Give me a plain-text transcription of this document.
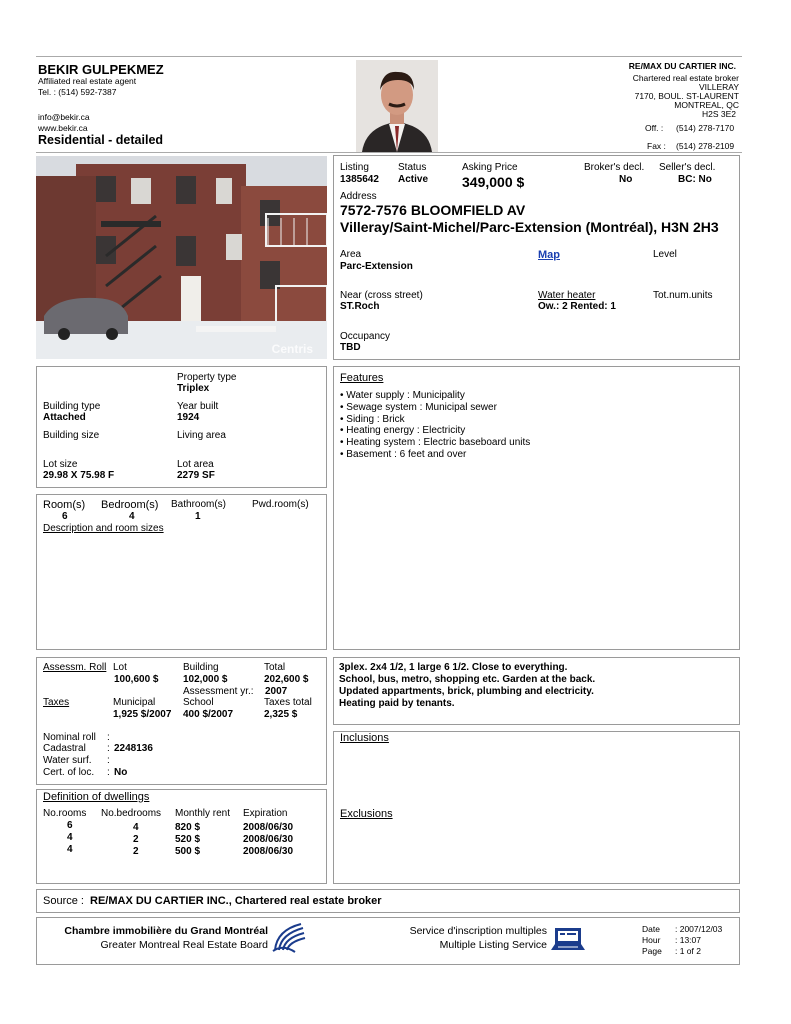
BEKIR GULPEKMEZ
Affiliated real estate agent
Tel. : (514) 592-7387
info@bekir.ca
www.bekir.ca
Residential - detailed
RE/MAX DU CARTIER INC.
Chartered real estate broker
VILLERAY
7170, BOUL. ST-LAURENT
MONTREAL, QC
H2S 3E2
Off. : (514) 278-7170
Fax : (514) 278-2109
Centris
Listing
1385642
Status
Active
Asking Price
349,000 $
Broker's decl.
No
Seller's decl.
BC: No
Address
7572-7576 BLOOMFIELD AV
Villeray/Saint-Michel/Parc-Extension (Montréal), H3N 2H3
Area
Parc-Extension
Map	Level
Near (cross street)
ST.Roch
Water heater
Ow.: 2 Rented: 1
Tot.num.units
Occupancy
TBD
Property type
Triplex
Building type
Attached
Year built
1924
Building size	Living area
Lot size
29.98 X 75.98 F
Lot area
2279 SF
Features
• Water supply : Municipality
• Sewage system : Municipal sewer
• Siding : Brick
• Heating energy : Electricity
• Heating system : Electric baseboard units
• Basement : 6 feet and over
Room(s)
6
Bedroom(s)
4
Bathroom(s)
1
Pwd.room(s)
Description and room sizes
Assessm. Roll Lot
100,600 $
Building
102,000 $
Total
202,600 $
Assessment yr.: 2007
Taxes	Municipal
1,925 $/2007
School
400 $/2007
Taxes total
2,325 $
Nominal roll :
Cadastral : 2248136
Water surf. :
Cert. of loc. : No
3plex. 2x4 1/2, 1 large 6 1/2. Close to everything.
School, bus, metro, shopping etc. Garden at the back.
Updated appartments, brick, plumbing and electricity.
Heating paid by tenants.
Inclusions
Exclusions
Definition of dwellings
No.rooms No.bedrooms Monthly rent Expiration
6	4	820 $	2008/06/30
4	2	520 $	2008/06/30
4	2	500 $	2008/06/30
Source : RE/MAX DU CARTIER INC., Chartered real estate broker
Chambre immobilière du Grand Montréal
Greater Montreal Real Estate Board
Service d'inscription multiples
Multiple Listing Service
Date : 2007/12/03
Hour : 13:07
Page : 1 of 2
